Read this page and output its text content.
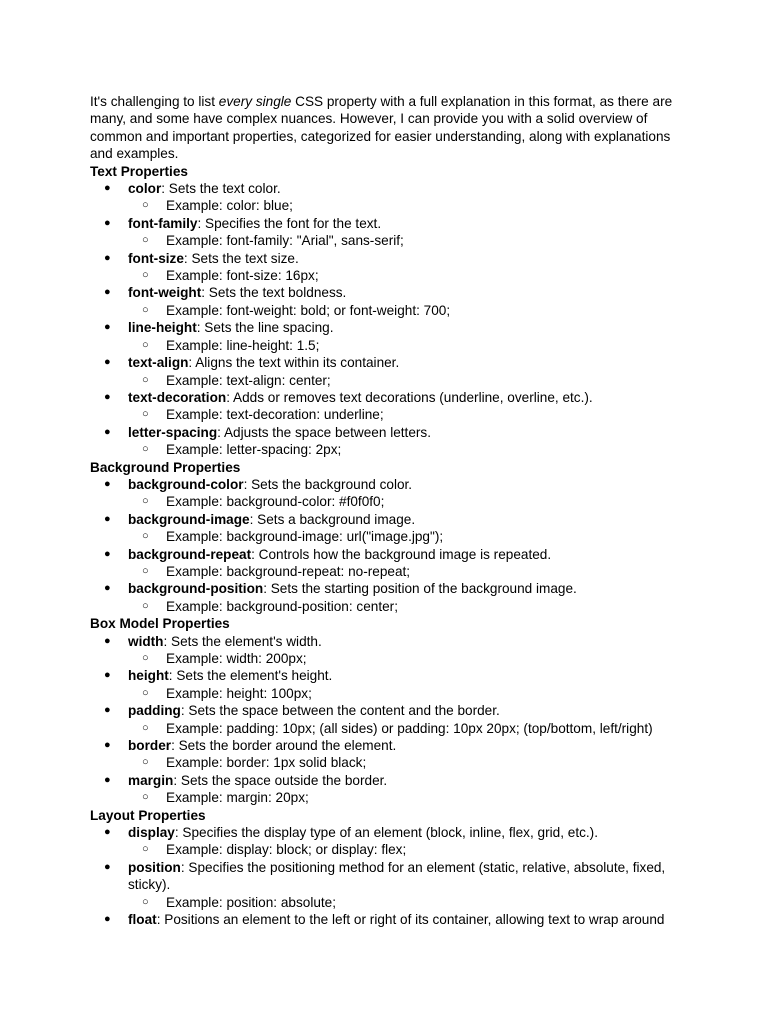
It's challenging to list every single CSS property with a full explanation in this format, as there are many, and some have complex nuances. However, I can provide you with a solid overview of common and important properties, categorized for easier understanding, along with explanations and examples.

Text Properties
● color: Sets the text color.
○ Example: color: blue;
● font-family: Specifies the font for the text.
○ Example: font-family: "Arial", sans-serif;
● font-size: Sets the text size.
○ Example: font-size: 16px;
● font-weight: Sets the text boldness.
○ Example: font-weight: bold; or font-weight: 700;
● line-height: Sets the line spacing.
○ Example: line-height: 1.5;
● text-align: Aligns the text within its container.
○ Example: text-align: center;
● text-decoration: Adds or removes text decorations (underline, overline, etc.).
○ Example: text-decoration: underline;
● letter-spacing: Adjusts the space between letters.
○ Example: letter-spacing: 2px;
Background Properties
● background-color: Sets the background color.
○ Example: background-color: #f0f0f0;
● background-image: Sets a background image.
○ Example: background-image: url("image.jpg");
● background-repeat: Controls how the background image is repeated.
○ Example: background-repeat: no-repeat;
● background-position: Sets the starting position of the background image.
○ Example: background-position: center;
Box Model Properties
● width: Sets the element's width.
○ Example: width: 200px;
● height: Sets the element's height.
○ Example: height: 100px;
● padding: Sets the space between the content and the border.
○ Example: padding: 10px; (all sides) or padding: 10px 20px; (top/bottom, left/right)
● border: Sets the border around the element.
○ Example: border: 1px solid black;
● margin: Sets the space outside the border.
○ Example: margin: 20px;
Layout Properties
● display: Specifies the display type of an element (block, inline, flex, grid, etc.).
○ Example: display: block; or display: flex;
● position: Specifies the positioning method for an element (static, relative, absolute, fixed, sticky).
○ Example: position: absolute;
● float: Positions an element to the left or right of its container, allowing text to wrap around
